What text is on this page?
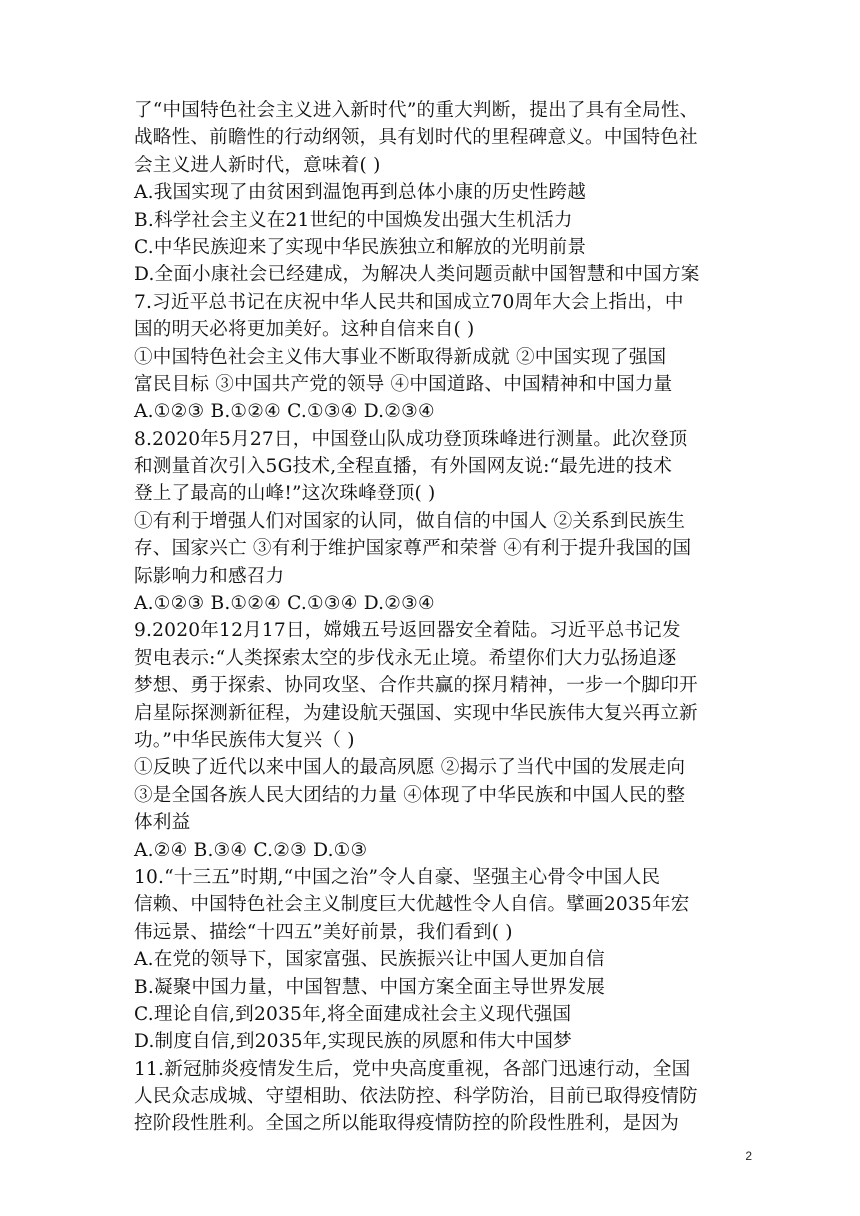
了“中国特色社会主义进入新时代”的重大判断，提出了具有全局性、
战略性、前瞻性的行动纲领，具有划时代的里程碑意义。中国特色社
会主义进人新时代，意味着( )
A.我国实现了由贫困到温饱再到总体小康的历史性跨越
B.科学社会主义在21世纪的中国焕发出强大生机活力
C.中华民族迎来了实现中华民族独立和解放的光明前景
D.全面小康社会已经建成，为解决人类问题贡献中国智慧和中国方案
7.习近平总书记在庆祝中华人民共和国成立70周年大会上指出，中
国的明天必将更加美好。这种自信来自( )
①中国特色社会主义伟大事业不断取得新成就 ②中国实现了强国
富民目标 ③中国共产党的领导 ④中国道路、中国精神和中国力量
A.①②③ B.①②④ C.①③④ D.②③④
8.2020年5月27日，中国登山队成功登顶珠峰进行测量。此次登顶
和测量首次引入5G技术,全程直播，有外国网友说:“最先进的技术
登上了最高的山峰!”这次珠峰登顶( )
①有利于增强人们对国家的认同，做自信的中国人 ②关系到民族生
存、国家兴亡 ③有利于维护国家尊严和荣誉 ④有利于提升我国的国
际影响力和感召力
A.①②③ B.①②④ C.①③④ D.②③④
9.2020年12月17日，嫦娥五号返回器安全着陆。习近平总书记发
贺电表示:“人类探索太空的步伐永无止境。希望你们大力弘扬追逐
梦想、勇于探索、协同攻坚、合作共赢的探月精神，一步一个脚印开
启星际探测新征程，为建设航天强国、实现中华民族伟大复兴再立新
功。”中华民族伟大复兴（ )
①反映了近代以来中国人的最高夙愿 ②揭示了当代中国的发展走向
③是全国各族人民大团结的力量 ④体现了中华民族和中国人民的整
体利益
A.②④ B.③④ C.②③ D.①③
10.“十三五”时期,“中国之治”令人自豪、坚强主心骨令中国人民
信赖、中国特色社会主义制度巨大优越性令人自信。擘画2035年宏
伟远景、描绘“十四五”美好前景，我们看到( )
A.在党的领导下，国家富强、民族振兴让中国人更加自信
B.凝聚中国力量，中国智慧、中国方案全面主导世界发展
C.理论自信,到2035年,将全面建成社会主义现代强国
D.制度自信,到2035年,实现民族的夙愿和伟大中国梦
11.新冠肺炎疫情发生后，党中央高度重视，各部门迅速行动，全国
人民众志成城、守望相助、依法防控、科学防治，目前已取得疫情防
控阶段性胜利。全国之所以能取得疫情防控的阶段性胜利，是因为
2
